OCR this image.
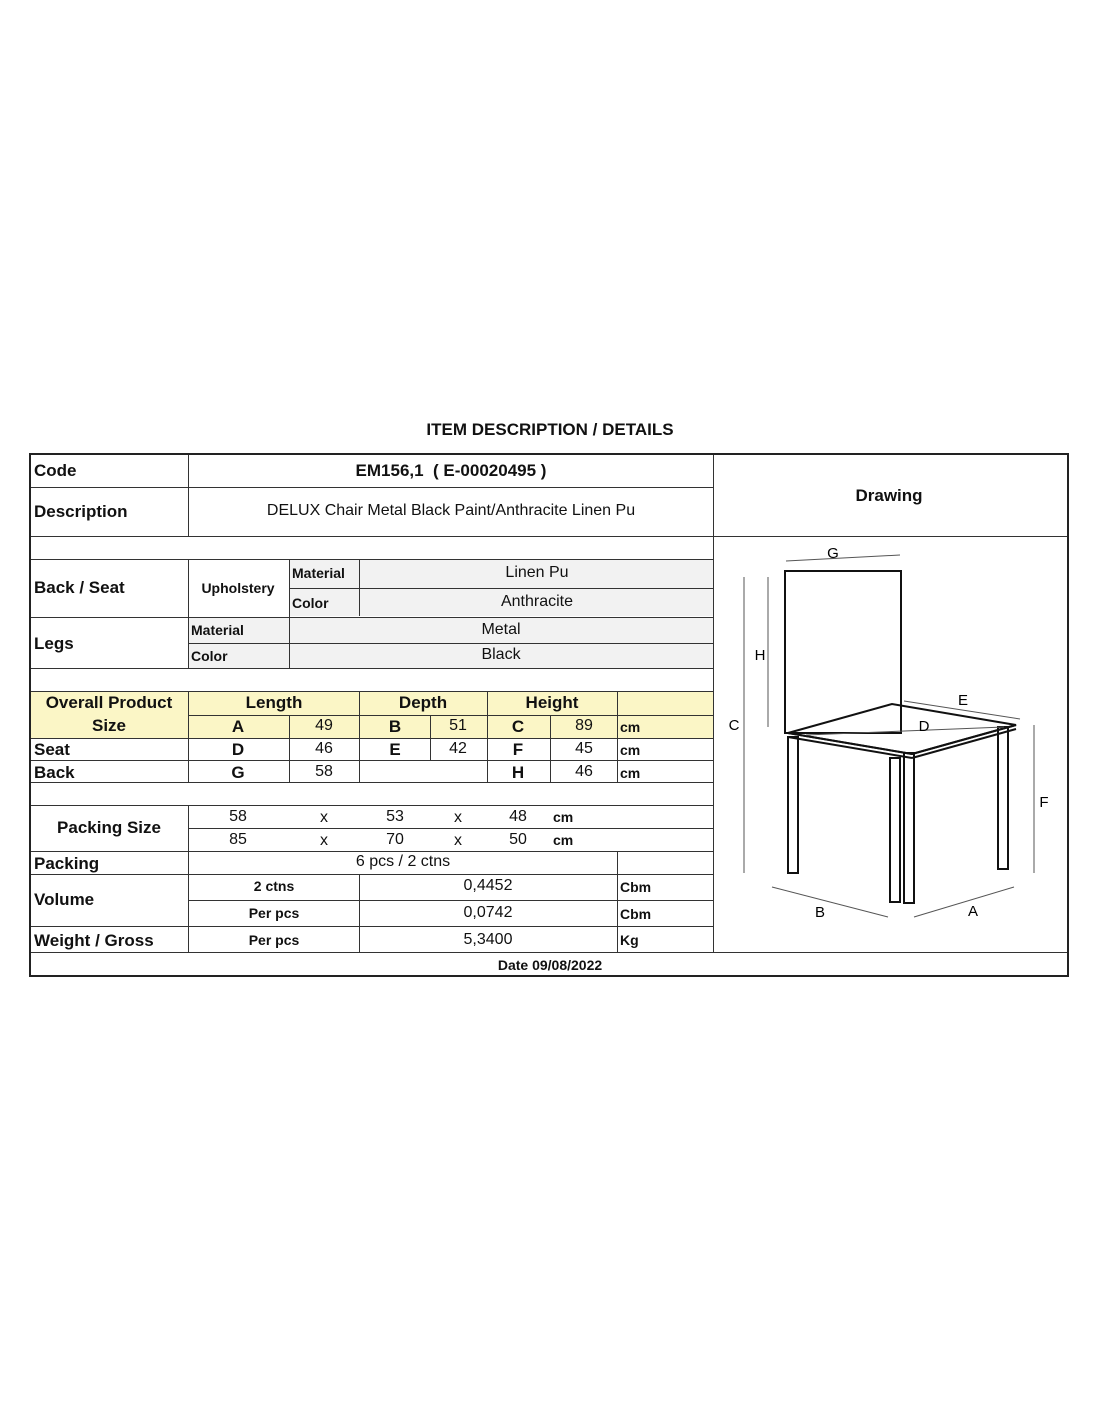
ITEM DESCRIPTION / DETAILS
Code	EM156,1  ( E-00020495 )
Description	DELUX Chair Metal Black Paint/Anthracite Linen Pu
Drawing
Back / Seat	Upholstery
Material	Linen Pu
Color	Anthracite
Legs
Material	Metal
Color	Black
Overall Product
Size
Length	Depth	Height
A	49	B	51	C	89 cm
Seat	D	46	E	42	F	45 cm
Back	G	58	H	46 cm
Packing Size
58	x	53	x	48 cm
85	x	70	x	50 cm
Packing	6 pcs / 2 ctns
Volume
2 ctns	0,4452	Cbm
Per pcs	0,0742	Cbm
Weight / Gross	Per pcs	5,3400	Kg
Date 09/08/2022
G
H
C
E
D
F
B	A
